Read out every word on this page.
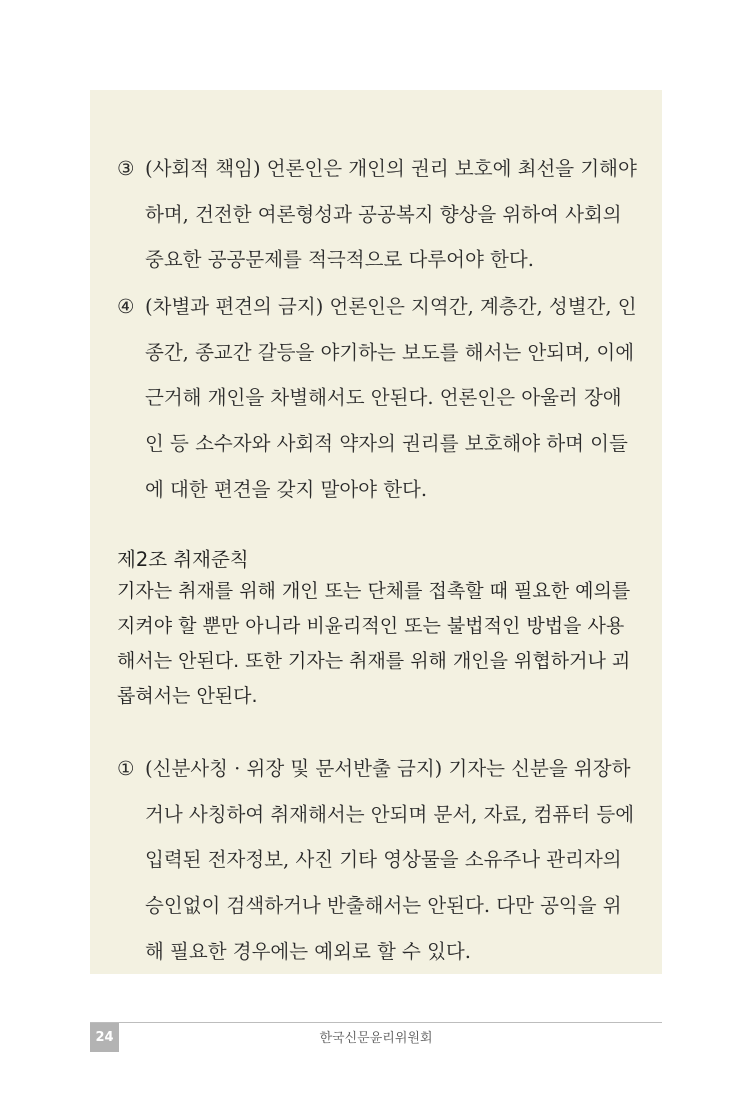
③ (사회적 책임) 언론인은 개인의 권리 보호에 최선을 기해야
하며, 건전한 여론형성과 공공복지 향상을 위하여 사회의
중요한 공공문제를 적극적으로 다루어야 한다.
④ (차별과 편견의 금지) 언론인은 지역간, 계층간, 성별간, 인
종간, 종교간 갈등을 야기하는 보도를 해서는 안되며, 이에
근거해 개인을 차별해서도 안된다. 언론인은 아울러 장애
인 등 소수자와 사회적 약자의 권리를 보호해야 하며 이들
에 대한 편견을 갖지 말아야 한다.
제2조 취재준칙
기자는 취재를 위해 개인 또는 단체를 접촉할 때 필요한 예의를
지켜야 할 뿐만 아니라 비윤리적인 또는 불법적인 방법을 사용
해서는 안된다. 또한 기자는 취재를 위해 개인을 위협하거나 괴
롭혀서는 안된다.
① (신분사칭 · 위장 및 문서반출 금지) 기자는 신분을 위장하
거나 사칭하여 취재해서는 안되며 문서, 자료, 컴퓨터 등에
입력된 전자정보, 사진 기타 영상물을 소유주나 관리자의
승인없이 검색하거나 반출해서는 안된다. 다만 공익을 위
해 필요한 경우에는 예외로 할 수 있다.
24	한국신문윤리위원회
